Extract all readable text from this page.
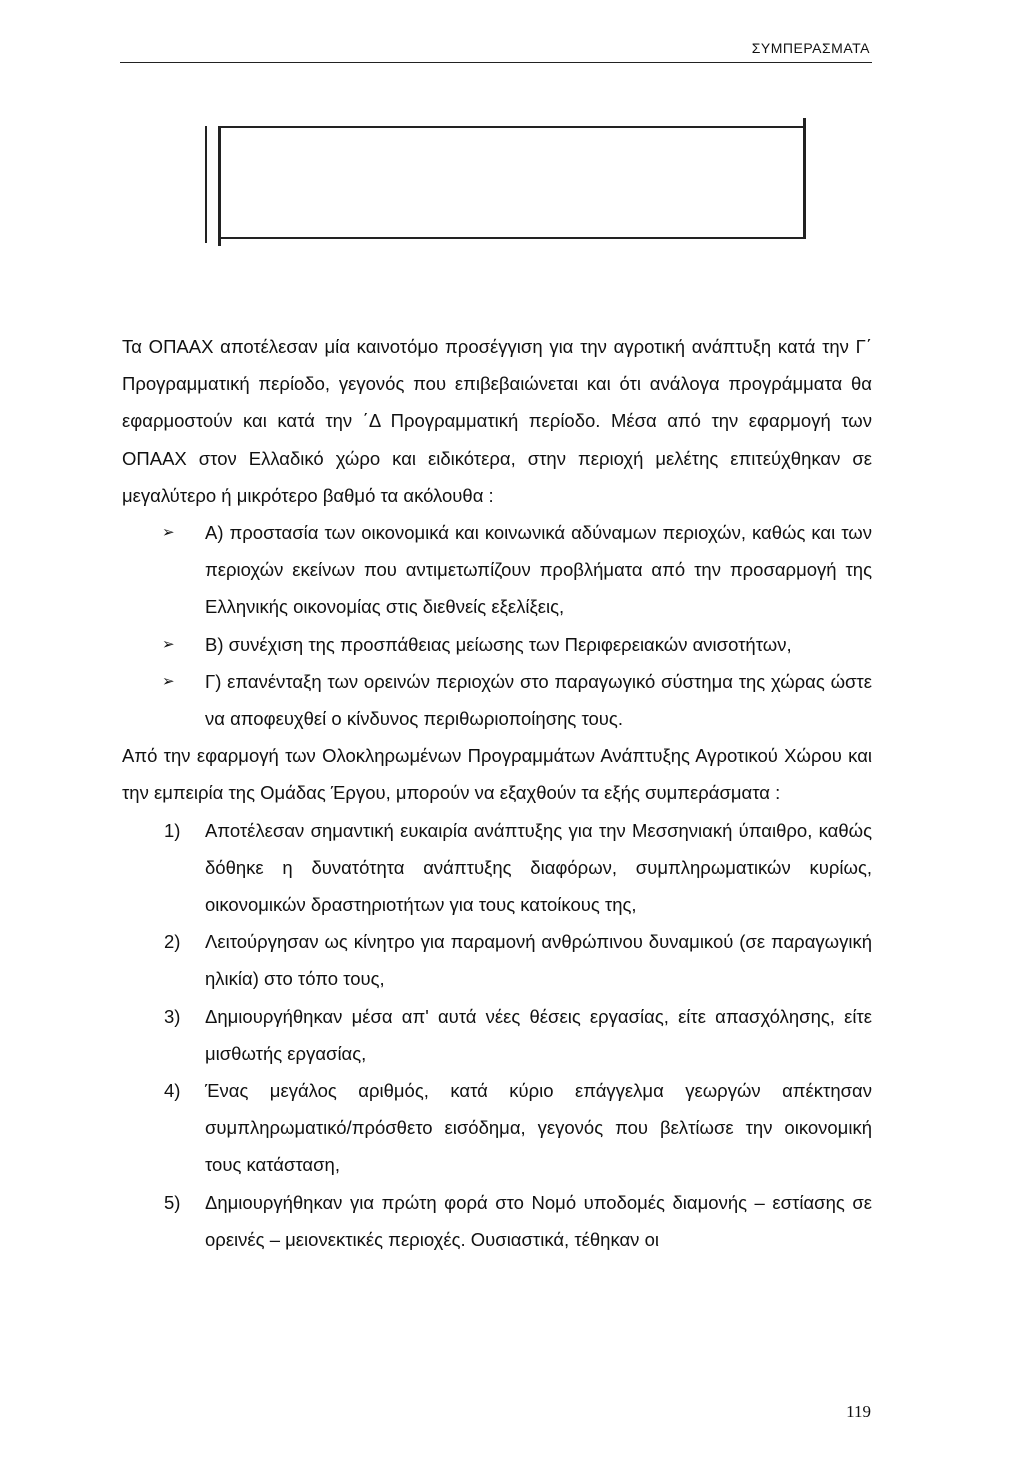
ΣΥΜΠΕΡΑΣΜΑΤΑ

Τα ΟΠΑΑΧ αποτέλεσαν μία καινοτόμο προσέγγιση για την αγροτική ανάπτυξη κατά την Γ΄ Προγραμματική περίοδο, γεγονός που επιβεβαιώνεται και ότι ανάλογα προγράμματα θα εφαρμοστούν και κατά την ΄Δ Προγραμματική περίοδο. Μέσα από την εφαρμογή των ΟΠΑΑΧ στον Ελλαδικό χώρο και ειδικότερα, στην περιοχή μελέτης επιτεύχθηκαν σε μεγαλύτερο ή μικρότερο βαθμό τα ακόλουθα :

➢ Α) προστασία των οικονομικά και κοινωνικά αδύναμων περιοχών, καθώς και των περιοχών εκείνων που αντιμετωπίζουν προβλήματα από την προσαρμογή της Ελληνικής οικονομίας στις διεθνείς εξελίξεις,

➢ Β) συνέχιση της προσπάθειας μείωσης των Περιφερειακών ανισοτήτων,

➢ Γ) επανένταξη των ορεινών περιοχών στο παραγωγικό σύστημα της χώρας ώστε να αποφευχθεί ο κίνδυνος περιθωριοποίησης τους.

Από την εφαρμογή των Ολοκληρωμένων Προγραμμάτων Ανάπτυξης Αγροτικού Χώρου και την εμπειρία της Ομάδας Έργου, μπορούν να εξαχθούν τα εξής συμπεράσματα :

1) Αποτέλεσαν σημαντική ευκαιρία ανάπτυξης για την Μεσσηνιακή ύπαιθρο, καθώς δόθηκε η δυνατότητα ανάπτυξης διαφόρων, συμπληρωματικών κυρίως, οικονομικών δραστηριοτήτων για τους κατοίκους της,

2) Λειτούργησαν ως κίνητρο για παραμονή ανθρώπινου δυναμικού (σε παραγωγική ηλικία) στο τόπο τους,

3) Δημιουργήθηκαν μέσα απ' αυτά νέες θέσεις εργασίας, είτε απασχόλησης, είτε μισθωτής εργασίας,

4) Ένας μεγάλος αριθμός, κατά κύριο επάγγελμα γεωργών απέκτησαν συμπληρωματικό/πρόσθετο εισόδημα, γεγονός που βελτίωσε την οικονομική τους κατάσταση,

5) Δημιουργήθηκαν για πρώτη φορά στο Νομό υποδομές διαμονής – εστίασης σε ορεινές – μειονεκτικές περιοχές. Ουσιαστικά, τέθηκαν οι

119
